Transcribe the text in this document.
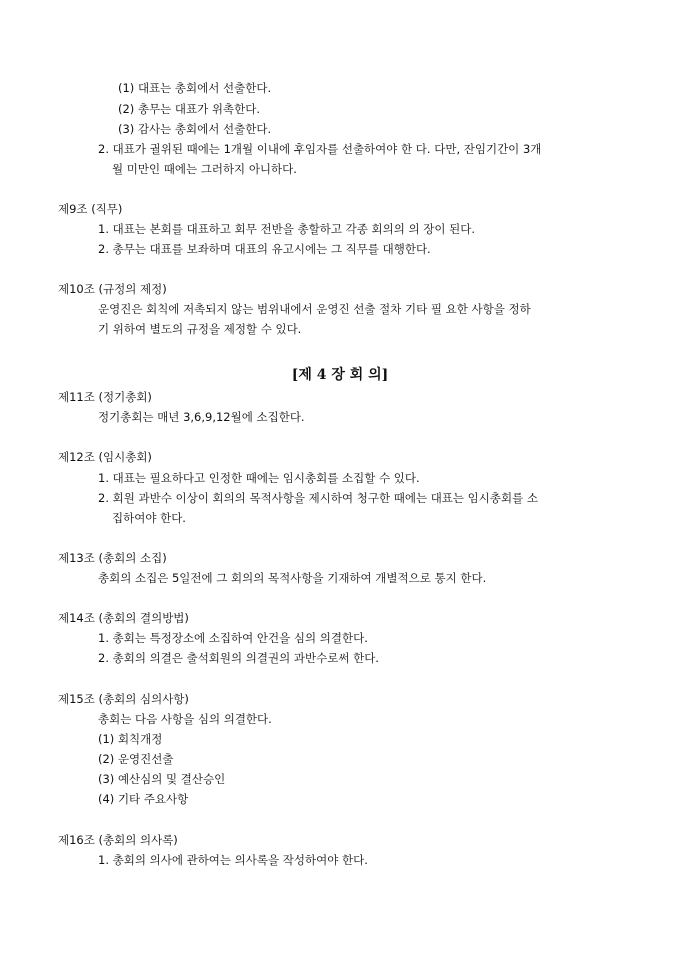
(1) 대표는 총회에서 선출한다.
(2) 총무는 대표가 위촉한다.
(3) 감사는 총회에서 선출한다.
2. 대표가 궐위된 때에는 1개월 이내에 후임자를 선출하여야 한 다. 다만, 잔임기간이 3개
월 미만인 때에는 그러하지 아니하다.
제9조 (직무)
1. 대표는 본회를 대표하고 회무 전반을 총할하고 각종 회의의 의 장이 된다.
2. 총무는 대표를 보좌하며 대표의 유고시에는 그 직무를 대행한다.
제10조 (규정의 제정)
운영진은 회칙에 저촉되지 않는 범위내에서 운영진 선출 절차 기타 필 요한 사항을 정하
기 위하여 별도의 규정을 제정할 수 있다.
[제 4 장 회 의]
제11조 (정기총회)
정기총회는 매년 3,6,9,12월에 소집한다.
제12조 (임시총회)
1. 대표는 필요하다고 인정한 때에는 임시총회를 소집할 수 있다.
2. 회원 과반수 이상이 회의의 목적사항을 제시하여 청구한 때에는 대표는 임시총회를 소
집하여야 한다.
제13조 (총회의 소집)
총회의 소집은 5일전에 그 회의의 목적사항을 기재하여 개별적으로 통지 한다.
제14조 (총회의 결의방법)
1. 총회는 특정장소에 소집하여 안건을 심의 의결한다.
2. 총회의 의결은 출석회원의 의결권의 과반수로써 한다.
제15조 (총회의 심의사항)
총회는 다음 사항을 심의 의결한다.
(1) 회칙개정
(2) 운영진선출
(3) 예산심의 및 결산승인
(4) 기타 주요사항
제16조 (총회의 의사록)
1. 총회의 의사에 관하여는 의사록을 작성하여야 한다.
